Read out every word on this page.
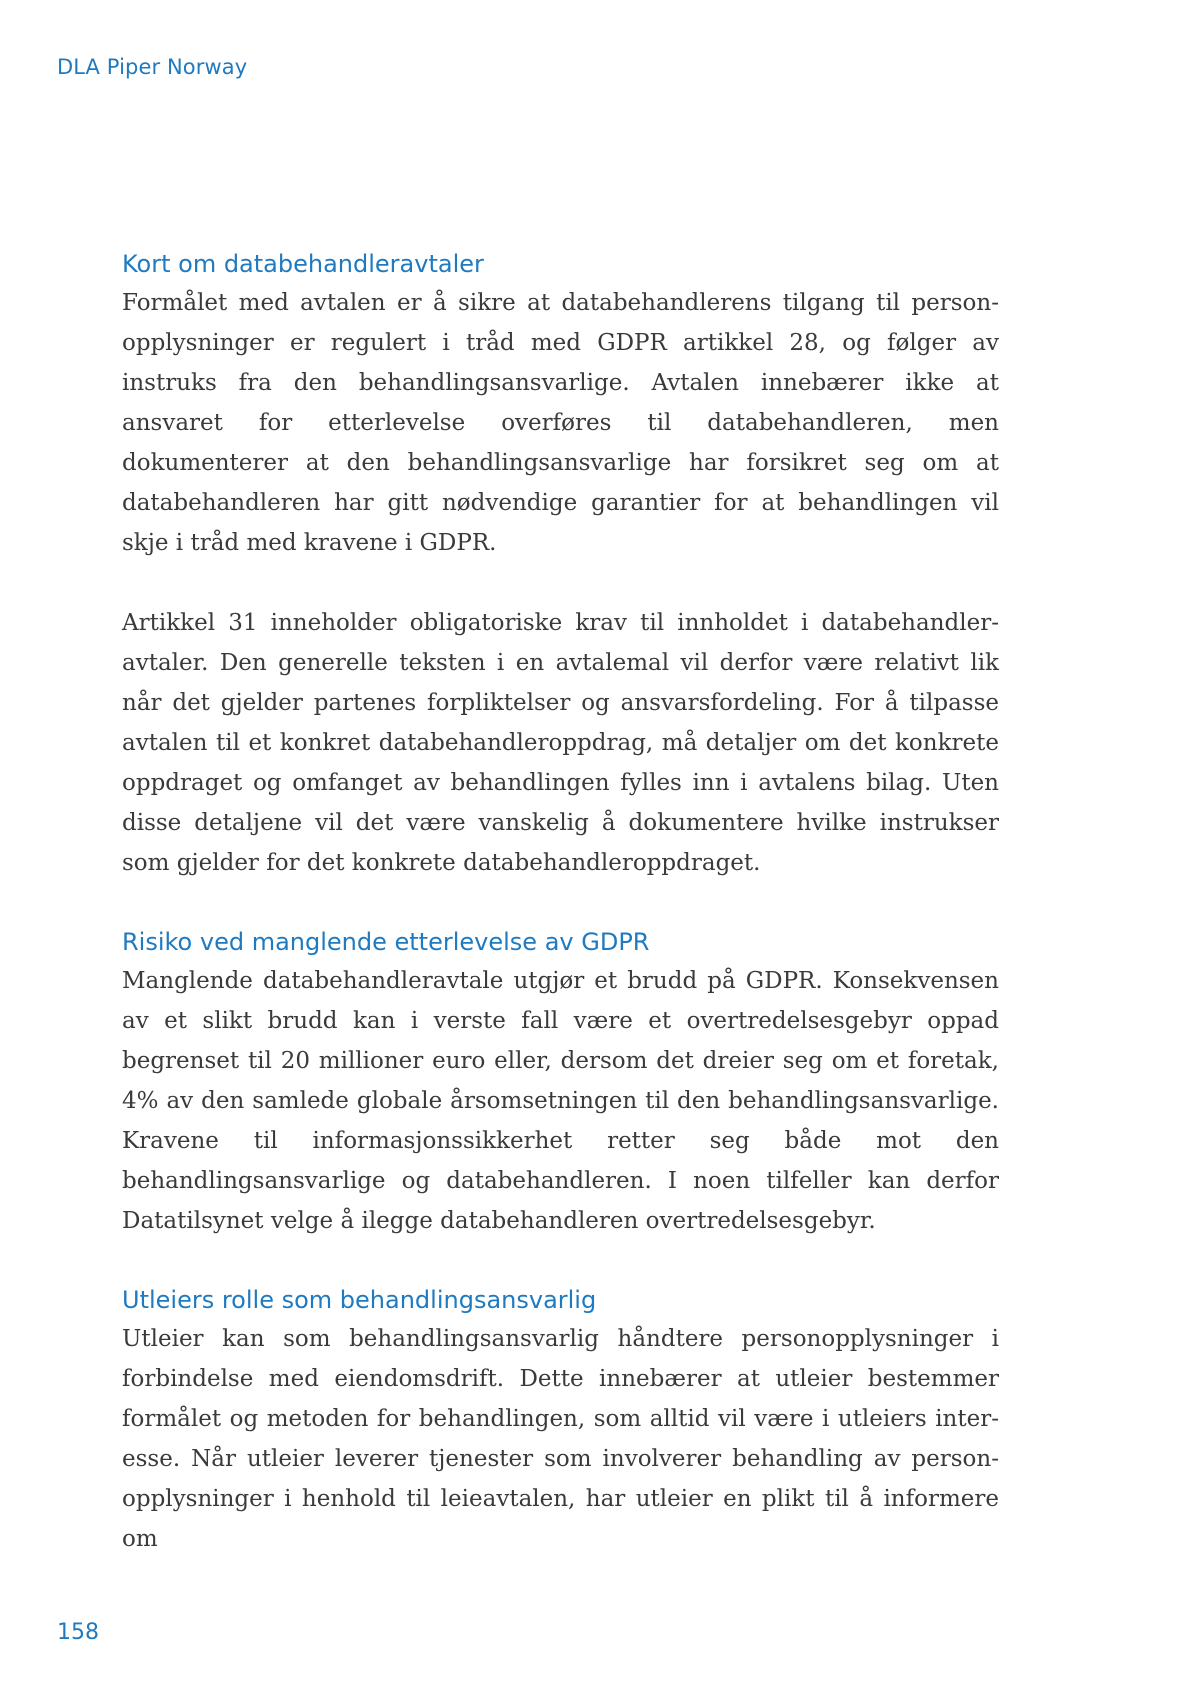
DLA Piper Norway
Kort om databehandleravtaler

Formålet med avtalen er å sikre at databehandlerens tilgang til personopplysninger er regulert i tråd med GDPR artikkel 28, og følger av instruks fra den behandlingsansvarlige. Avtalen innebærer ikke at ansvaret for etterlevelse overføres til databehandleren, men dokumenterer at den behandlingsansvarlige har forsikret seg om at databehandleren har gitt nødvendige garantier for at behandlingen vil skje i tråd med kravene i GDPR.

Artikkel 31 inneholder obligatoriske krav til innholdet i databehandleravtaler. Den generelle teksten i en avtalemal vil derfor være relativt lik når det gjelder partenes forpliktelser og ansvarsfordeling. For å tilpasse avtalen til et konkret databehandleroppdrag, må detaljer om det konkrete oppdraget og omfanget av behandlingen fylles inn i avtalens bilag. Uten disse detaljene vil det være vanskelig å dokumentere hvilke instrukser som gjelder for det konkrete databehandleroppdraget.

Risiko ved manglende etterlevelse av GDPR

Manglende databehandleravtale utgjør et brudd på GDPR. Konsekvensen av et slikt brudd kan i verste fall være et overtredelsesgebyr oppad begrenset til 20 millioner euro eller, dersom det dreier seg om et foretak, 4% av den samlede globale årsomsetningen til den behandlingsansvarlige. Kravene til informasjonssikkerhet retter seg både mot den behandlingsansvarlige og databehandleren. I noen tilfeller kan derfor Datatilsynet velge å ilegge databehandleren overtredelsesgebyr.

Utleiers rolle som behandlingsansvarlig

Utleier kan som behandlingsansvarlig håndtere personopplysninger i forbindelse med eiendomsdrift. Dette innebærer at utleier bestemmer formålet og metoden for behandlingen, som alltid vil være i utleiers interesse. Når utleier leverer tjenester som involverer behandling av personopplysninger i henhold til leieavtalen, har utleier en plikt til å informere om

158
